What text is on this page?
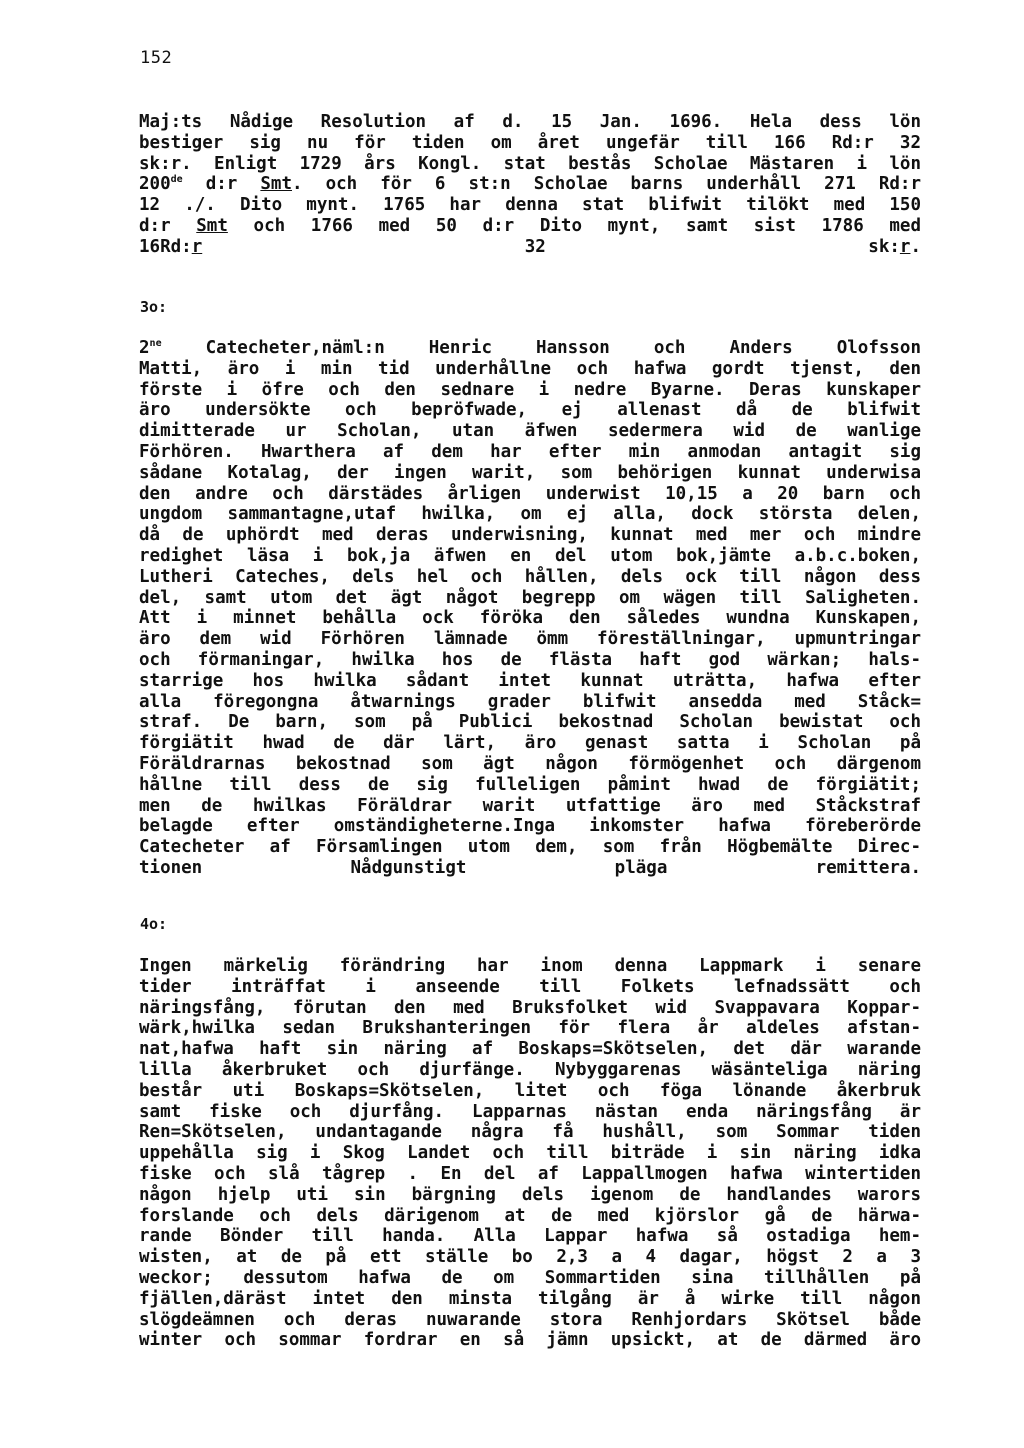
152
Maj:ts Nådige Resolution af d. 15 Jan. 1696. Hela dess lön
bestiger sig nu för tiden om året ungefär till 166 Rd:r 32
sk:r. Enligt 1729 års Kongl. stat bestås Scholae Mästaren i lön
200de d:r Smt. och för 6 st:n Scholae barns underhåll 271 Rd:r
12 ./. Dito mynt. 1765 har denna stat blifwit tilökt med 150
d:r Smt och 1766 med 50 d:r Dito mynt, samt sist 1786 med
16Rd:r 32 sk:r.
3o:
$2^{ne}$ Catecheter,näml:n Henric Hansson och Anders Olofsson
Matti, äro i min tid underhållne och hafwa gordt tjenst, den
förste i öfre och den sednare i nedre Byarne. Deras kunskaper
äro undersökte och bepröfwade, ej allenast då de blifwit
dimitterade ur Scholan, utan äfwen sedermera wid de wanlige
Förhören. Hwarthera af dem har efter min anmodan antagit sig
sådane Kotalag, der ingen warit, som behörigen kunnat underwisa
den andre och därstädes årligen underwist 10,15 a 20 barn och
ungdom sammantagne,utaf hwilka, om ej alla, dock största delen,
då de uphördt med deras underwisning, kunnat med mer och mindre
redighet läsa i bok,ja äfwen en del utom bok,jämte a.b.c.boken,
Lutheri Cateches, dels hel och hållen, dels ock till någon dess
del, samt utom det ägt något begrepp om wägen till Saligheten.
Att i minnet behålla ock föröka den således wundna Kunskapen,
äro dem wid Förhören lämnade ömm föreställningar, upmuntringar
och förmaningar, hwilka hos de flästa haft god wärkan; hals-
starrige hos hwilka sådant intet kunnat uträtta, hafwa efter
alla föregongna åtwarnings grader blifwit ansedda med Ståck=
straf. De barn, som på Publici bekostnad Scholan bewistat och
förgiätit hwad de där lärt, äro genast satta i Scholan på
Föräldrarnas bekostnad som ägt någon förmögenhet och därgenom
hållne till dess de sig fulleligen påmint hwad de förgiätit;
men de hwilkas Föräldrar warit utfattige äro med Ståckstraf
belagde efter omständigheterne.Inga inkomster hafwa föreberörde
Catecheter af Församlingen utom dem, som från Högbemälte Direc-
tionen Nådgunstigt pläga remittera.
4o:
Ingen märkelig förändring har inom denna Lappmark i senare
tider inträffat i anseende till Folkets lefnadssätt och
näringsfång, förutan den med Bruksfolket wid Svappavara Koppar-
wärk,hwilka sedan Brukshanteringen för flera år aldeles afstan-
nat,hafwa haft sin näring af Boskaps=Skötselen, det där warande
lilla åkerbruket och djurfänge. Nybyggarenas wäsänteliga näring
består uti Boskaps=Skötselen, litet och föga lönande åkerbruk
samt fiske och djurfång. Lapparnas nästan enda näringsfång är
Ren=Skötselen, undantagande några få hushåll, som Sommar tiden
uppehålla sig i Skog Landet och till biträde i sin näring idka
fiske och slå tågrep . En del af Lappallmogen hafwa wintertiden
någon hjelp uti sin bärgning dels igenom de handlandes warors
forslande och dels därigenom at de med kjörslor gå de härwa-
rande Bönder till handa. Alla Lappar hafwa så ostadiga hem-
wisten, at de på ett ställe bo 2,3 a 4 dagar, högst 2 a 3
weckor; dessutom hafwa de om Sommartiden sina tillhållen på
fjällen,däräst intet den minsta tilgång är å wirke till någon
slögdeämnen och deras nuwarande stora Renhjordars Skötsel både
winter och sommar fordrar en så jämn upsickt, at de därmed äro
